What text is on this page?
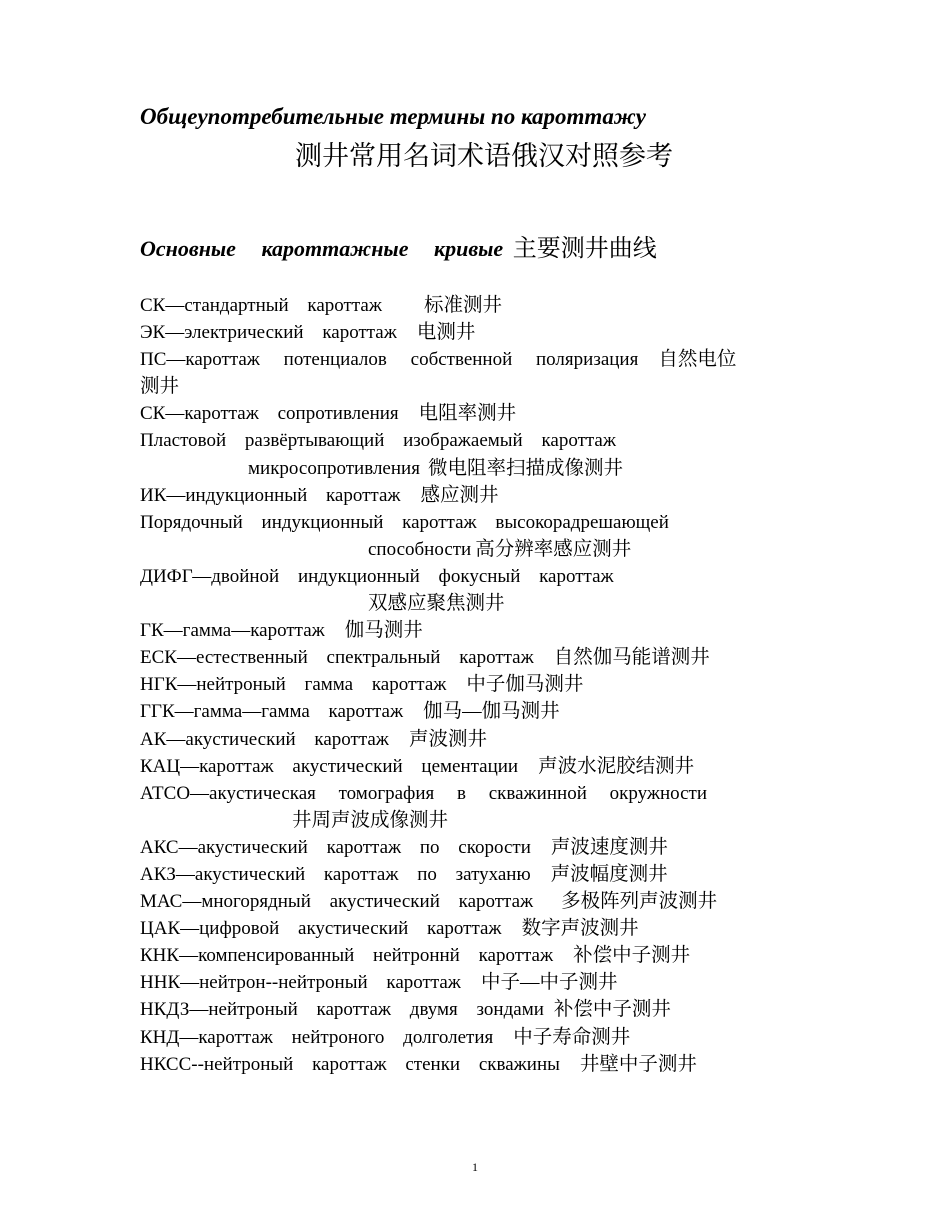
Общеупотребительные термины по кароттажу
测井常用名词术语俄汉对照参考
Основные кароттажные кривые 主要测井曲线
СК—стандартный кароттаж 标准测井
ЭК—электрический кароттаж 电测井
ПС—кароттаж потенциалов собственной поляризация 自然电位
测井
СК—кароттаж сопротивления 电阻率测井
Пластовой развёртывающий изображаемый кароттаж
микросопротивления 微电阻率扫描成像测井
ИК—индукционный кароттаж 感应测井
Порядочный индукционный кароттаж высокорадрешающей
способности 高分辨率感应测井
ДИФГ—двойной индукционный фокусный кароттаж
双感应聚焦测井
ГК—гамма—кароттаж 伽马测井
ЕСК—естественный спектральный кароттаж 自然伽马能谱测井
НГК—нейтроный гамма кароттаж 中子伽马测井
ГГК—гамма—гамма кароттаж 伽马—伽马测井
АК—акустический кароттаж 声波测井
КАЦ—кароттаж акустический цементации 声波水泥胶结测井
АТСО—акустическая томография в скважинной окружности
井周声波成像测井
АКС—акустический кароттаж по скорости 声波速度测井
АКЗ—акустический кароттаж по затуханю 声波幅度测井
МАС—многорядный акустический кароттаж 多极阵列声波测井
ЦАК—цифровой акустический кароттаж 数字声波测井
КНК—компенсированный нейтроннй кароттаж 补偿中子测井
ННК—нейтрон--нейтроный кароттаж 中子—中子测井
НКДЗ—нейтроный кароттаж двумя зондами 补偿中子测井
КНД—кароттаж нейтроного долголетия 中子寿命测井
НКСС--нейтроный кароттаж стенки скважины 井壁中子测井
1
